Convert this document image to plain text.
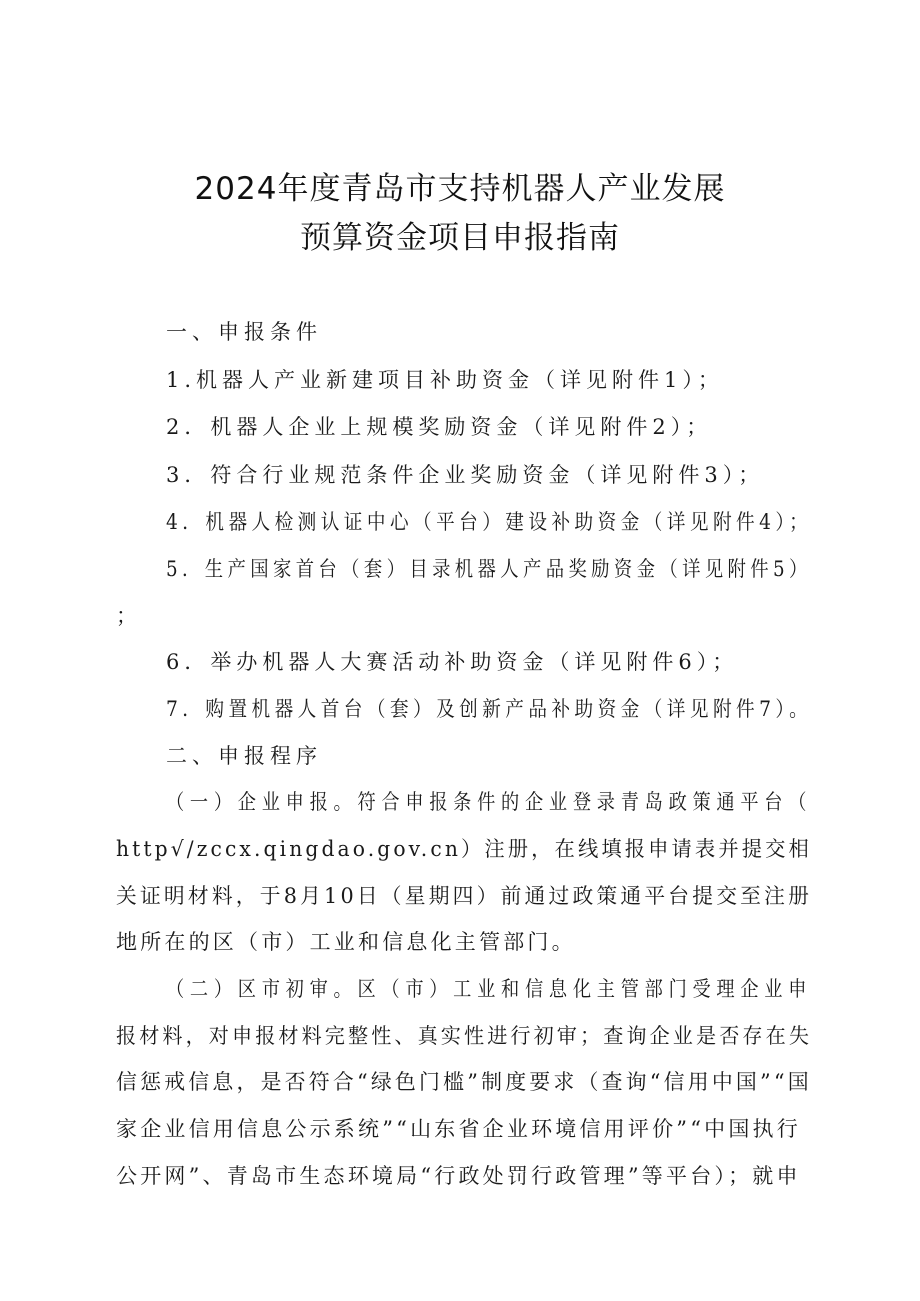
2024年度青岛市支持机器人产业发展
预算资金项目申报指南
一、申报条件
1.机器人产业新建项目补助资金（详见附件1）；
2．机器人企业上规模奖励资金（详见附件2）；
3．符合行业规范条件企业奖励资金（详见附件3）；
4．机器人检测认证中心（平台）建设补助资金（详见附件4）；
5．生产国家首台（套）目录机器人产品奖励资金（详见附件5）
；
6．举办机器人大赛活动补助资金（详见附件6）；
7．购置机器人首台（套）及创新产品补助资金（详见附件7）。
二、申报程序
（一）企业申报。符合申报条件的企业登录青岛政策通平台（
http√/zccx.qingdao.gov.cn）注册，在线填报申请表并提交相
关证明材料，于8月10日（星期四）前通过政策通平台提交至注册
地所在的区（市）工业和信息化主管部门。
（二）区市初审。区（市）工业和信息化主管部门受理企业申
报材料，对申报材料完整性、真实性进行初审；查询企业是否存在失
信惩戒信息，是否符合“绿色门槛”制度要求（查询“信用中国”“国
家企业信用信息公示系统”“山东省企业环境信用评价”“中国执行
公开网”、青岛市生态环境局“行政处罚行政管理”等平台）；就申
